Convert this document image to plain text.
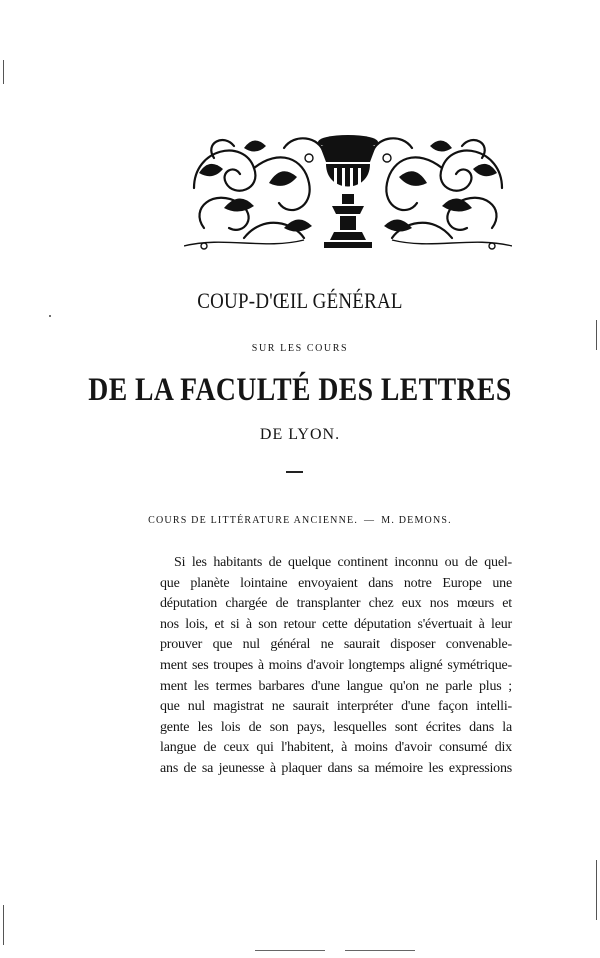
COUP-D'ŒIL GÉNÉRAL
SUR LES COURS
DE LA FACULTÉ DES LETTRES
DE LYON.
COURS DE LITTÉRATURE ANCIENNE. — M. DEMONS.
Si les habitants de quelque continent inconnu ou de quel-
que planète lointaine envoyaient dans notre Europe une
députation chargée de transplanter chez eux nos mœurs et
nos lois, et si à son retour cette députation s'évertuait à leur
prouver que nul général ne saurait disposer convenable-
ment ses troupes à moins d'avoir longtemps aligné symétrique-
ment les termes barbares d'une langue qu'on ne parle plus ;
que nul magistrat ne saurait interpréter d'une façon intelli-
gente les lois de son pays, lesquelles sont écrites dans la
langue de ceux qui l'habitent, à moins d'avoir consumé dix
ans de sa jeunesse à plaquer dans sa mémoire les expressions
